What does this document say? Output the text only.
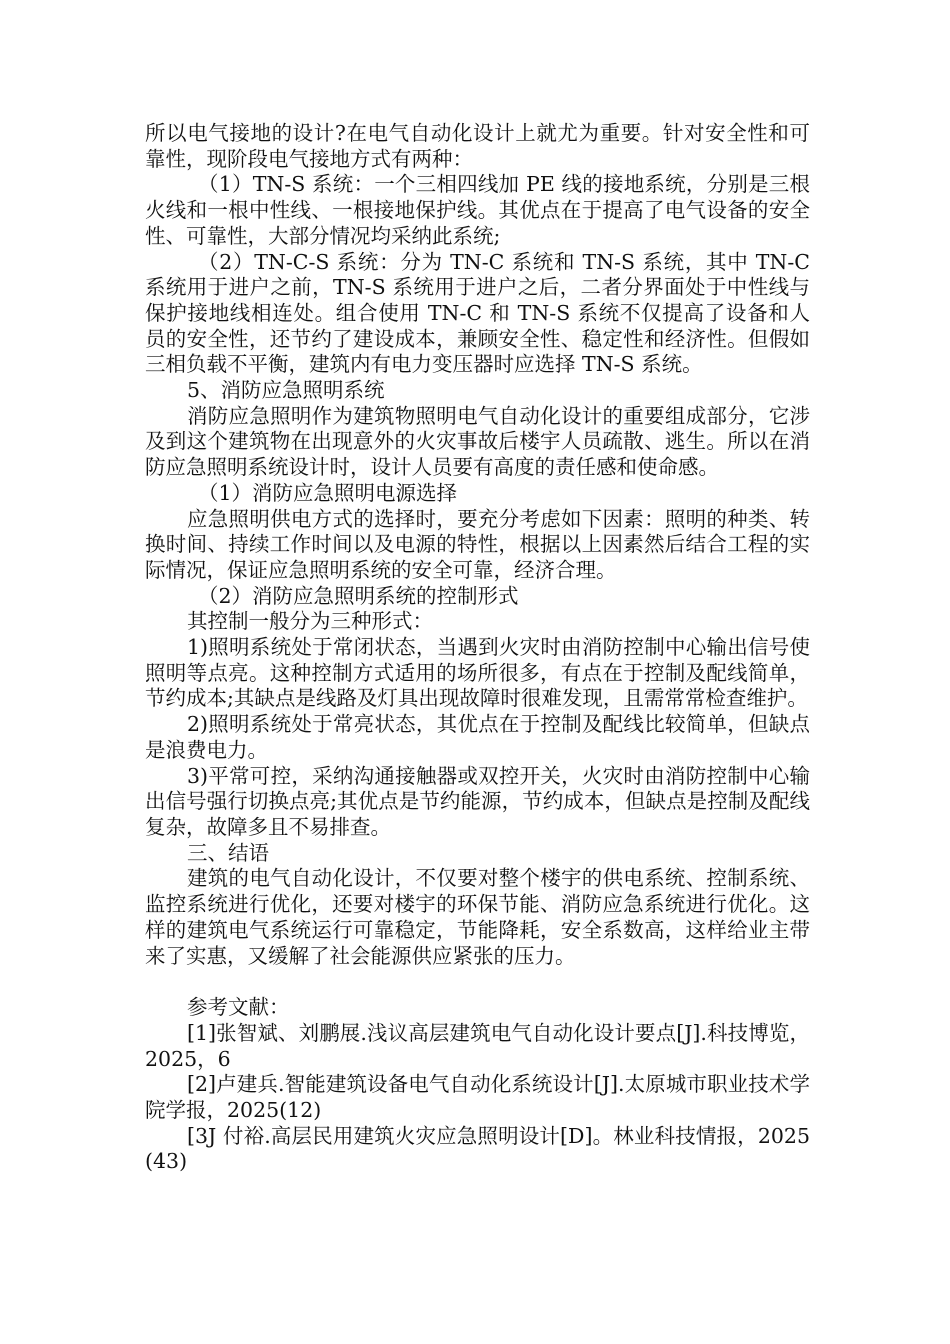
所以电气接地的设计?在电气自动化设计上就尤为重要。针对安全性和可靠性，现阶段电气接地方式有两种：

（1）TN-S 系统：一个三相四线加 PE 线的接地系统，分别是三根火线和一根中性线、一根接地保护线。其优点在于提高了电气设备的安全性、可靠性，大部分情况均采纳此系统;

（2）TN-C-S 系统：分为 TN-C 系统和 TN-S 系统，其中 TN-C 系统用于进户之前，TN-S 系统用于进户之后，二者分界面处于中性线与保护接地线相连处。组合使用 TN-C 和 TN-S 系统不仅提高了设备和人员的安全性，还节约了建设成本，兼顾安全性、稳定性和经济性。但假如三相负载不平衡，建筑内有电力变压器时应选择 TN-S 系统。

5、消防应急照明系统

消防应急照明作为建筑物照明电气自动化设计的重要组成部分，它涉及到这个建筑物在出现意外的火灾事故后楼宇人员疏散、逃生。所以在消防应急照明系统设计时，设计人员要有高度的责任感和使命感。

（1）消防应急照明电源选择

应急照明供电方式的选择时，要充分考虑如下因素：照明的种类、转换时间、持续工作时间以及电源的特性，根据以上因素然后结合工程的实际情况，保证应急照明系统的安全可靠，经济合理。

（2）消防应急照明系统的控制形式

其控制一般分为三种形式：

1)照明系统处于常闭状态，当遇到火灾时由消防控制中心输出信号使照明等点亮。这种控制方式适用的场所很多，有点在于控制及配线简单，节约成本;其缺点是线路及灯具出现故障时很难发现，且需常常检查维护。

2)照明系统处于常亮状态，其优点在于控制及配线比较简单，但缺点是浪费电力。

3)平常可控，采纳沟通接触器或双控开关，火灾时由消防控制中心输出信号强行切换点亮;其优点是节约能源，节约成本，但缺点是控制及配线复杂，故障多且不易排查。

三、结语

建筑的电气自动化设计，不仅要对整个楼宇的供电系统、控制系统、监控系统进行优化，还要对楼宇的环保节能、消防应急系统进行优化。这样的建筑电气系统运行可靠稳定，节能降耗，安全系数高，这样给业主带来了实惠，又缓解了社会能源供应紧张的压力。

参考文献：

[1]张智斌、刘鹏展.浅议高层建筑电气自动化设计要点[J].科技博览，2025，6

[2]卢建兵.智能建筑设备电气自动化系统设计[J].太原城市职业技术学院学报，2025(12)

[3J 付裕.高层民用建筑火灾应急照明设计[D]。林业科技情报，2025(43)
